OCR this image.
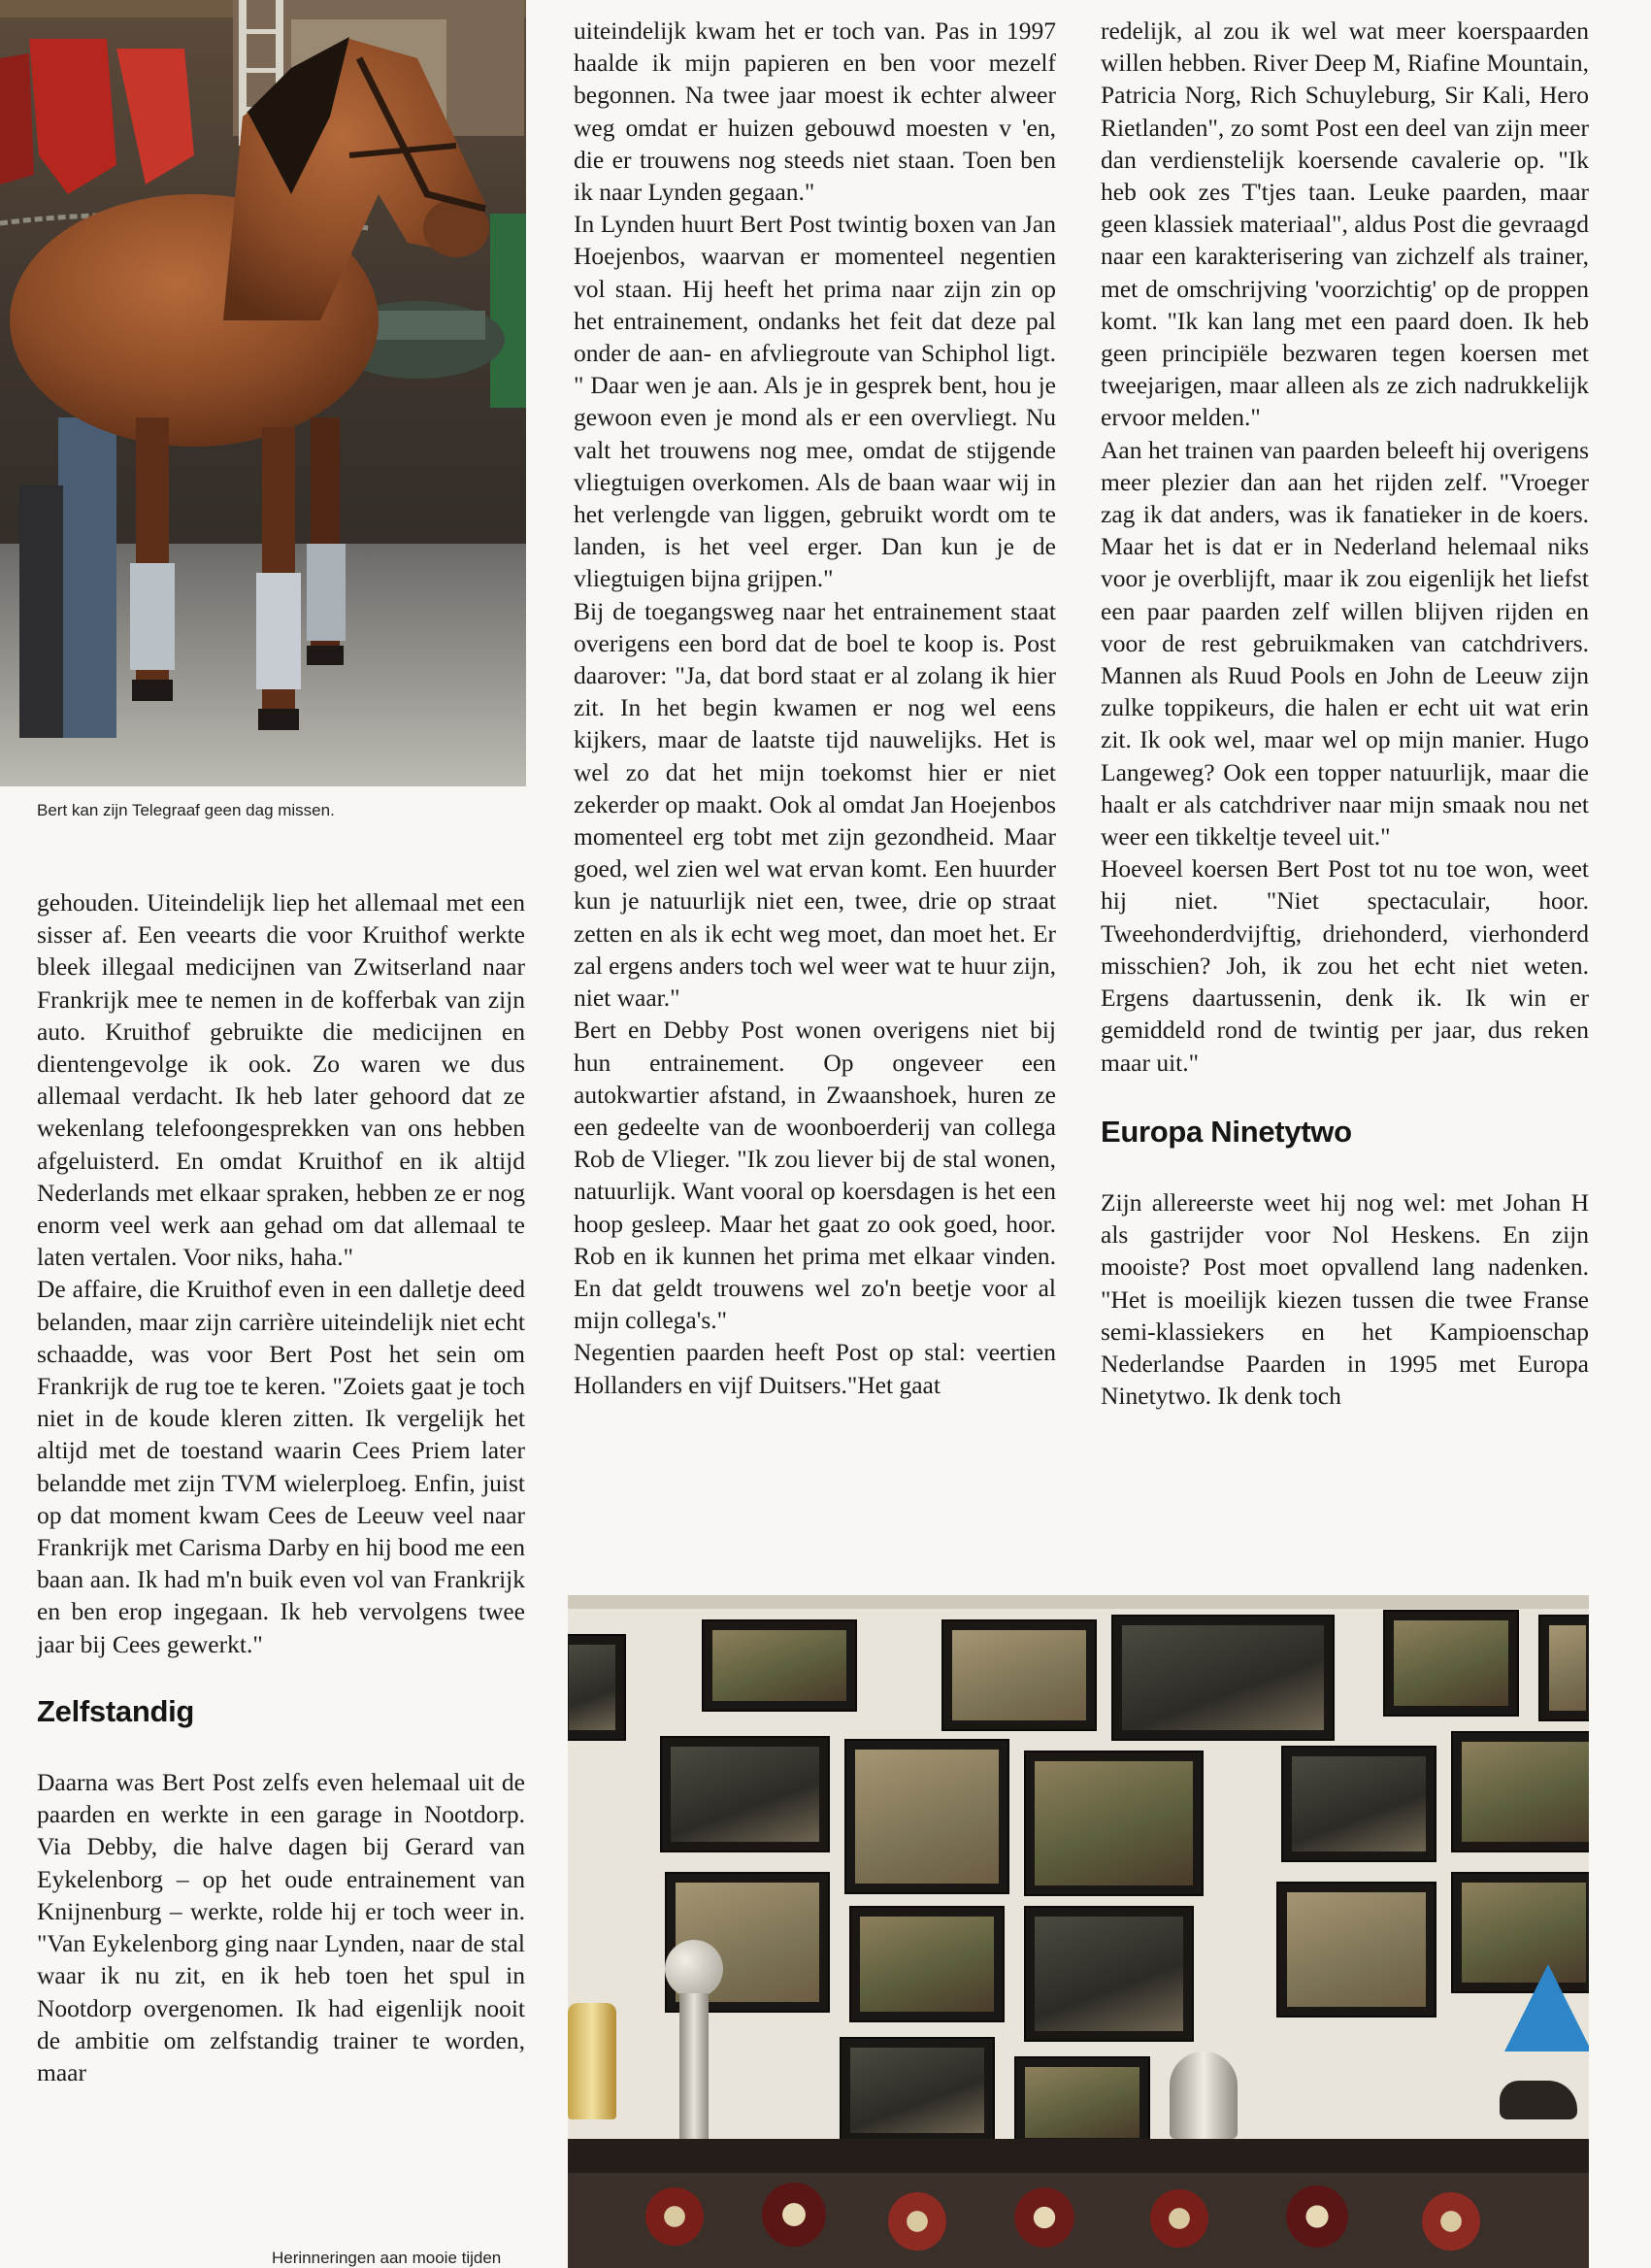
Bert kan zijn Telegraaf geen dag missen.

gehouden. Uiteindelijk liep het allemaal met een sisser af. Een veearts die voor Kruithof werkte bleek illegaal medicijnen van Zwitserland naar Frankrijk mee te nemen in de kofferbak van zijn auto. Kruithof gebruikte die medicijnen en dientengevolge ik ook. Zo waren we dus allemaal verdacht. Ik heb later gehoord dat ze wekenlang telefoongesprekken van ons hebben afgeluisterd. En omdat Kruithof en ik altijd Nederlands met elkaar spraken, hebben ze er nog enorm veel werk aan gehad om dat allemaal te laten vertalen. Voor niks, haha."

De affaire, die Kruithof even in een dalletje deed belanden, maar zijn carrière uiteindelijk niet echt schaadde, was voor Bert Post het sein om Frankrijk de rug toe te keren. "Zoiets gaat je toch niet in de koude kleren zitten. Ik vergelijk het altijd met de toestand waarin Cees Priem later belandde met zijn TVM wielerploeg. Enfin, juist op dat moment kwam Cees de Leeuw veel naar Frankrijk met Carisma Darby en hij bood me een baan aan. Ik had m'n buik even vol van Frankrijk en ben erop ingegaan. Ik heb vervolgens twee jaar bij Cees gewerkt."

Zelfstandig

Daarna was Bert Post zelfs even helemaal uit de paarden en werkte in een garage in Nootdorp. Via Debby, die halve dagen bij Gerard van Eykelenborg – op het oude entrainement van Knijnenburg – werkte, rolde hij er toch weer in. "Van Eykelenborg ging naar Lynden, naar de stal waar ik nu zit, en ik heb toen het spul in Nootdorp overgenomen. Ik had eigenlijk nooit de ambitie om zelfstandig trainer te worden, maar

uiteindelijk kwam het er toch van. Pas in 1997 haalde ik mijn papieren en ben voor mezelf begonnen. Na twee jaar moest ik echter alweer weg omdat er huizen gebouwd moesten v 'en, die er trouwens nog steeds niet staan. Toen ben ik naar Lynden gegaan."

In Lynden huurt Bert Post twintig boxen van Jan Hoejenbos, waarvan er momenteel negentien vol staan. Hij heeft het prima naar zijn zin op het entrainement, ondanks het feit dat deze pal onder de aan- en afvliegroute van Schiphol ligt. " Daar wen je aan. Als je in gesprek bent, hou je gewoon even je mond als er een overvliegt. Nu valt het trouwens nog mee, omdat de stijgende vliegtuigen overkomen. Als de baan waar wij in het verlengde van liggen, gebruikt wordt om te landen, is het veel erger. Dan kun je de vliegtuigen bijna grijpen."

Bij de toegangsweg naar het entrainement staat overigens een bord dat de boel te koop is. Post daarover: "Ja, dat bord staat er al zolang ik hier zit. In het begin kwamen er nog wel eens kijkers, maar de laatste tijd nauwelijks. Het is wel zo dat het mijn toekomst hier er niet zekerder op maakt. Ook al omdat Jan Hoejenbos momenteel erg tobt met zijn gezondheid. Maar goed, wel zien wel wat ervan komt. Een huurder kun je natuurlijk niet een, twee, drie op straat zetten en als ik echt weg moet, dan moet het. Er zal ergens anders toch wel weer wat te huur zijn, niet waar."

Bert en Debby Post wonen overigens niet bij hun entrainement. Op ongeveer een autokwartier afstand, in Zwaanshoek, huren ze een gedeelte van de woonboerderij van collega Rob de Vlieger. "Ik zou liever bij de stal wonen, natuurlijk. Want vooral op koersdagen is het een hoop gesleep. Maar het gaat zo ook goed, hoor. Rob en ik kunnen het prima met elkaar vinden. En dat geldt trouwens wel zo'n beetje voor al mijn collega's."

Negentien paarden heeft Post op stal: veertien Hollanders en vijf Duitsers."Het gaat

redelijk, al zou ik wel wat meer koerspaarden willen hebben. River Deep M, Riafine Mountain, Patricia Norg, Rich Schuyleburg, Sir Kali, Hero Rietlanden", zo somt Post een deel van zijn meer dan verdienstelijk koersende cavalerie op. "Ik heb ook zes T'tjes taan. Leuke paarden, maar geen klassiek materiaal", aldus Post die gevraagd naar een karakterisering van zichzelf als trainer, met de omschrijving 'voorzichtig' op de proppen komt. "Ik kan lang met een paard doen. Ik heb geen principiële bezwaren tegen koersen met tweejarigen, maar alleen als ze zich nadrukkelijk ervoor melden."

Aan het trainen van paarden beleeft hij overigens meer plezier dan aan het rijden zelf. "Vroeger zag ik dat anders, was ik fanatieker in de koers. Maar het is dat er in Nederland helemaal niks voor je overblijft, maar ik zou eigenlijk het liefst een paar paarden zelf willen blijven rijden en voor de rest gebruikmaken van catchdrivers. Mannen als Ruud Pools en John de Leeuw zijn zulke toppikeurs, die halen er echt uit wat erin zit. Ik ook wel, maar wel op mijn manier. Hugo Langeweg? Ook een topper natuurlijk, maar die haalt er als catchdriver naar mijn smaak nou net weer een tikkeltje teveel uit."

Hoeveel koersen Bert Post tot nu toe won, weet hij niet. "Niet spectaculair, hoor. Tweehonderdvijftig, driehonderd, vierhonderd misschien? Joh, ik zou het echt niet weten. Ergens daartussenin, denk ik. Ik win er gemiddeld rond de twintig per jaar, dus reken maar uit."

Europa Ninetytwo

Zijn allereerste weet hij nog wel: met Johan H als gastrijder voor Nol Heskens. En zijn mooiste? Post moet opvallend lang nadenken. "Het is moeilijk kiezen tussen die twee Franse semi-klassiekers en het Kampioenschap Nederlandse Paarden in 1995 met Europa Ninetytwo. Ik denk toch

Herinneringen aan mooie tijden
